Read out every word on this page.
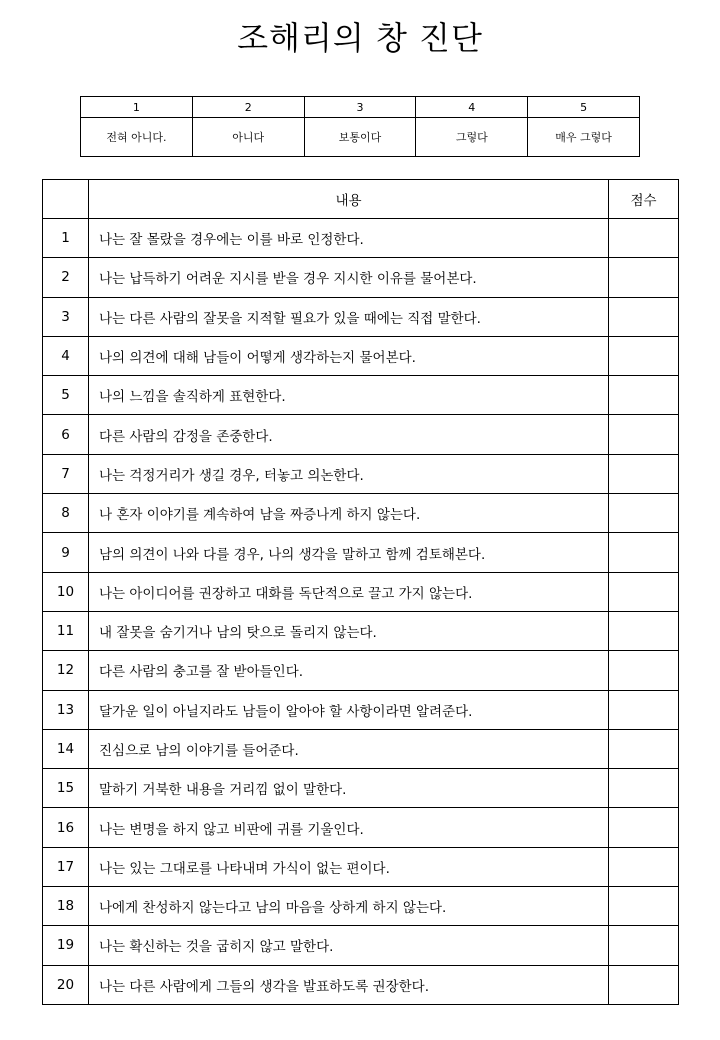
조해리의 창 진단
1	2	3	4	5
전혀 아니다.	아니다	보통이다	그렇다	매우 그렇다
	내용	점수
1	나는 잘 몰랐을 경우에는 이를 바로 인정한다.	
2	나는 납득하기 어려운 지시를 받을 경우 지시한 이유를 물어본다.	
3	나는 다른 사람의 잘못을 지적할 필요가 있을 때에는 직접 말한다.	
4	나의 의견에 대해 남들이 어떻게 생각하는지 물어본다.	
5	나의 느낌을 솔직하게 표현한다.	
6	다른 사람의 감정을 존중한다.	
7	나는 걱정거리가 생길 경우, 터놓고 의논한다.	
8	나 혼자 이야기를 계속하여 남을 짜증나게 하지 않는다.	
9	남의 의견이 나와 다를 경우, 나의 생각을 말하고 함께 검토해본다.	
10	나는 아이디어를 권장하고 대화를 독단적으로 끌고 가지 않는다.	
11	내 잘못을 숨기거나 남의 탓으로 돌리지 않는다.	
12	다른 사람의 충고를 잘 받아들인다.	
13	달가운 일이 아닐지라도 남들이 알아야 할 사항이라면 알려준다.	
14	진심으로 남의 이야기를 들어준다.	
15	말하기 거북한 내용을 거리낌 없이 말한다.	
16	나는 변명을 하지 않고 비판에 귀를 기울인다.	
17	나는 있는 그대로를 나타내며 가식이 없는 편이다.	
18	나에게 찬성하지 않는다고 남의 마음을 상하게 하지 않는다.	
19	나는 확신하는 것을 굽히지 않고 말한다.	
20	나는 다른 사람에게 그들의 생각을 발표하도록 권장한다.	
